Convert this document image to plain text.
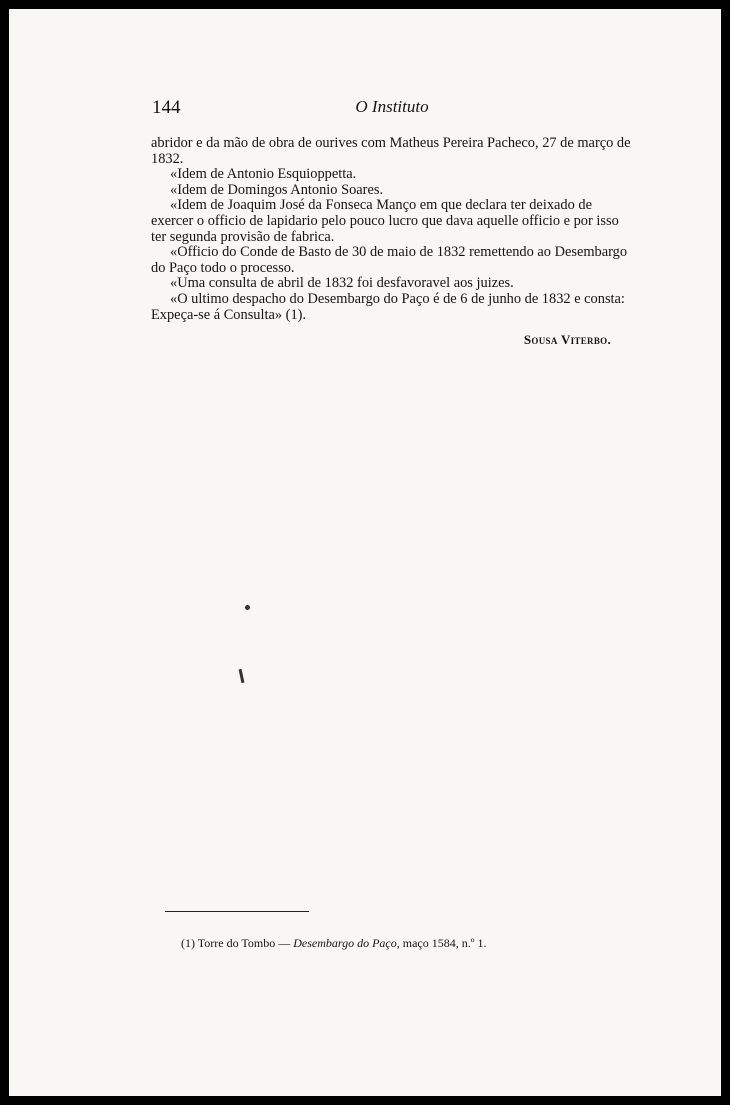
144	O Instituto

abridor e da mão de obra de ourives com Matheus Pereira Pacheco, 27 de março de 1832.

«Idem de Antonio Esquioppetta.

«Idem de Domingos Antonio Soares.

«Idem de Joaquim José da Fonseca Manço em que declara ter deixado de exercer o officio de lapidario pelo pouco lucro que dava aquelle officio e por isso ter segunda provisão de fabrica.

«Officio do Conde de Basto de 30 de maio de 1832 remettendo ao Desembargo do Paço todo o processo.

«Uma consulta de abril de 1832 foi desfavoravel aos juizes.

«O ultimo despacho do Desembargo do Paço é de 6 de junho de 1832 e consta: Expeça-se á Consulta» (1).

Sousa Viterbo.
(1) Torre do Tombo — Desembargo do Paço, maço 1584, n.º 1.
